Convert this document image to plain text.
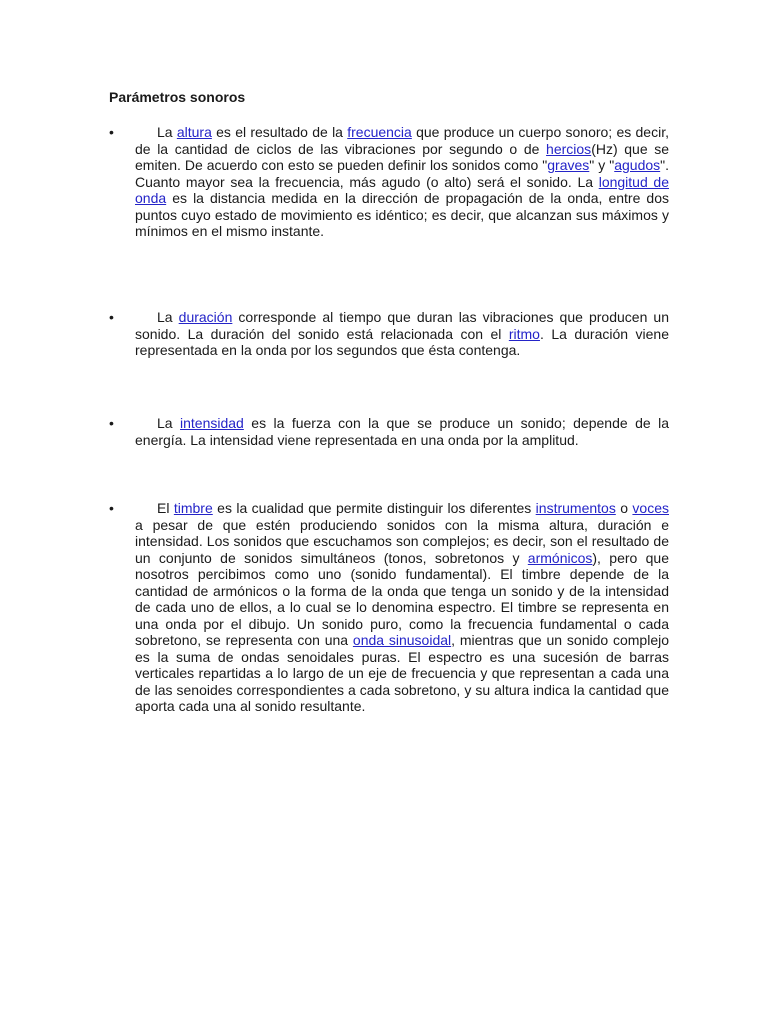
Parámetros sonoros
•	La altura es el resultado de la frecuencia que produce un cuerpo sonoro; es decir, de la cantidad de ciclos de las vibraciones por segundo o de hercios(Hz) que se emiten. De acuerdo con esto se pueden definir los sonidos como "graves" y "agudos". Cuanto mayor sea la frecuencia, más agudo (o alto) será el sonido. La longitud de onda es la distancia medida en la dirección de propagación de la onda, entre dos puntos cuyo estado de movimiento es idéntico; es decir, que alcanzan sus máximos y mínimos en el mismo instante.
•	La duración corresponde al tiempo que duran las vibraciones que producen un sonido. La duración del sonido está relacionada con el ritmo. La duración viene representada en la onda por los segundos que ésta contenga.
•	La intensidad es la fuerza con la que se produce un sonido; depende de la energía. La intensidad viene representada en una onda por la amplitud.
•	El timbre es la cualidad que permite distinguir los diferentes instrumentos o voces a pesar de que estén produciendo sonidos con la misma altura, duración e intensidad. Los sonidos que escuchamos son complejos; es decir, son el resultado de un conjunto de sonidos simultáneos (tonos, sobretonos y armónicos), pero que nosotros percibimos como uno (sonido fundamental). El timbre depende de la cantidad de armónicos o la forma de la onda que tenga un sonido y de la intensidad de cada uno de ellos, a lo cual se lo denomina espectro. El timbre se representa en una onda por el dibujo. Un sonido puro, como la frecuencia fundamental o cada sobretono, se representa con una onda sinusoidal, mientras que un sonido complejo es la suma de ondas senoidales puras. El espectro es una sucesión de barras verticales repartidas a lo largo de un eje de frecuencia y que representan a cada una de las senoides correspondientes a cada sobretono, y su altura indica la cantidad que aporta cada una al sonido resultante.
